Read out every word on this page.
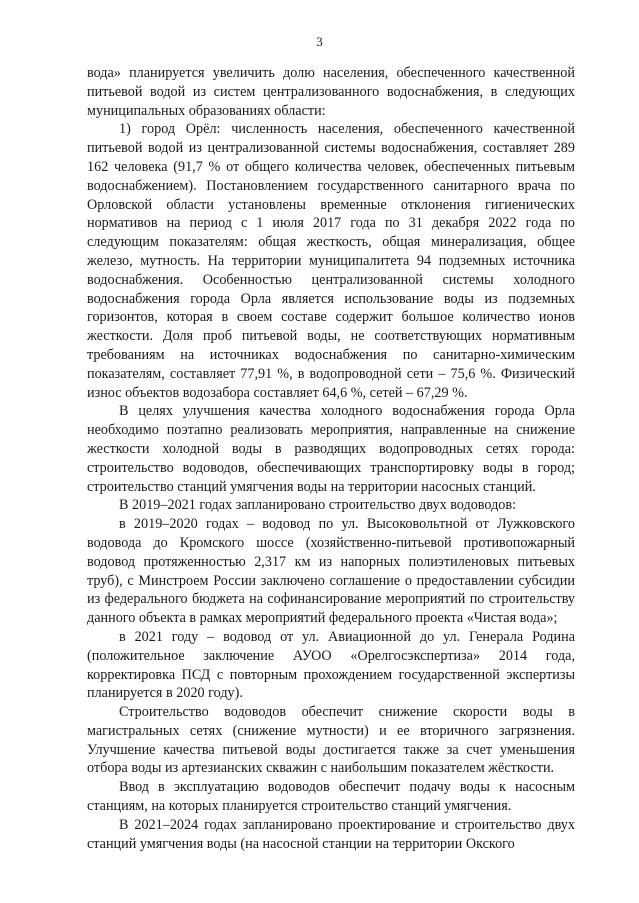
3

вода» планируется увеличить долю населения, обеспеченного качественной питьевой водой из систем централизованного водоснабжения, в следующих муниципальных образованиях области:

1) город Орёл: численность населения, обеспеченного качественной питьевой водой из централизованной системы водоснабжения, составляет 289 162 человека (91,7 % от общего количества человек, обеспеченных питьевым водоснабжением). Постановлением государственного санитарного врача по Орловской области установлены временные отклонения гигиенических нормативов на период с 1 июля 2017 года по 31 декабря 2022 года по следующим показателям: общая жесткость, общая минерализация, общее железо, мутность. На территории муниципалитета 94 подземных источника водоснабжения. Особенностью централизованной системы холодного водоснабжения города Орла является использование воды из подземных горизонтов, которая в своем составе содержит большое количество ионов жесткости. Доля проб питьевой воды, не соответствующих нормативным требованиям на источниках водоснабжения по санитарно-химическим показателям, составляет 77,91 %, в водопроводной сети – 75,6 %. Физический износ объектов водозабора составляет 64,6 %, сетей – 67,29 %.

В целях улучшения качества холодного водоснабжения города Орла необходимо поэтапно реализовать мероприятия, направленные на снижение жесткости холодной воды в разводящих водопроводных сетях города: строительство водоводов, обеспечивающих транспортировку воды в город; строительство станций умягчения воды на территории насосных станций.

В 2019–2021 годах запланировано строительство двух водоводов:

в 2019–2020 годах – водовод по ул. Высоковольтной от Лужковского водовода до Кромского шоссе (хозяйственно-питьевой противопожарный водовод протяженностью 2,317 км из напорных полиэтиленовых питьевых труб), с Минстроем России заключено соглашение о предоставлении субсидии из федерального бюджета на софинансирование мероприятий по строительству данного объекта в рамках мероприятий федерального проекта «Чистая вода»;

в 2021 году – водовод от ул. Авиационной до ул. Генерала Родина (положительное заключение АУОО «Орелгосэкспертиза» 2014 года, корректировка ПСД с повторным прохождением государственной экспертизы планируется в 2020 году).

Строительство водоводов обеспечит снижение скорости воды в магистральных сетях (снижение мутности) и ее вторичного загрязнения. Улучшение качества питьевой воды достигается также за счет уменьшения отбора воды из артезианских скважин с наибольшим показателем жёсткости.

Ввод в эксплуатацию водоводов обеспечит подачу воды к насосным станциям, на которых планируется строительство станций умягчения.

В 2021–2024 годах запланировано проектирование и строительство двух станций умягчения воды (на насосной станции на территории Окского
